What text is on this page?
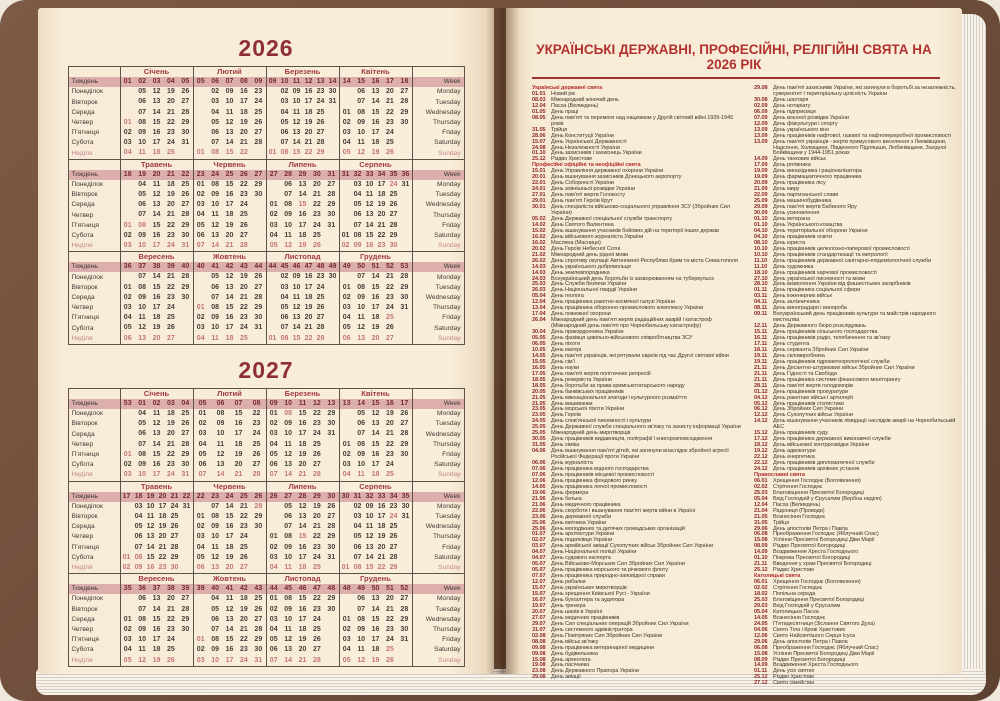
2026
	Січень	Лютий	Березень	Квітень	
Тиждень	01 02 03 04 05	05 06 07 08 09	09 10 11 12 13 14	14 15 16 17 18	Week
Понеділок	05 12 19 26	02 09 16 23	02 09 16 23 30	06 13 20 27	Monday
Вівторок	06 13 20 27	03 10 17 24	03 10 17 24 31	07 14 21 28	Tuesday
Середа	07 14 21 28	04 11 18 25	04 11 18 25	01 08 15 22 29	Wednesday
Четвер	01 08 15 22 29	05 12 19 26	05 12 19 26	02 09 16 23 30	Thursday
П’ятниця	02 09 16 23 30	06 13 20 27	06 13 20 27	03 10 17 24	Friday
Субота	03 10 17 24 31	07 14 21 28	07 14 21 28	04 11 18 25	Saturday
Неділя	04 11 18 25	01 08 15 22	01 08 15 22 29	05 12 19 26	Sunday
	Травень	Червень	Липень	Серпень	
Тиждень	18 19 20 21 22	23 24 25 26 27	27 28 29 30 31	31 32 33 34 35 36	Week
Понеділок	04 11 18 25	01 08 15 22 29	06 13 20 27	03 10 17 24 31	Monday
Вівторок	05 12 19 26	02 09 16 23 30	07 14 21 28	04 11 18 25	Tuesday
Середа	06 13 20 27	03 10 17 24	01 08 15 22 29	05 12 19 26	Wednesday
Четвер	07 14 21 28	04 11 18 25	02 09 16 23 30	06 13 20 27	Thursday
П’ятниця	01 08 15 22 29	05 12 19 26	03 10 17 24 31	07 14 21 28	Friday
Субота	02 09 16 23 30	06 13 20 27	04 11 18 25	01 08 15 22 29	Saturday
Неділя	03 10 17 24 31	07 14 21 28	05 12 19 26	02 09 16 23 30	Sunday
	Вересень	Жовтень	Листопад	Грудень	
Тиждень	36 37 38 39 40	40 41 42 43 44	44 45 46 47 48 49	49 50 51 52 53	Week
Понеділок	07 14 21 28	05 12 19 26	02 09 16 23 30	07 14 21 28	Monday
Вівторок	01 08 15 22 29	06 13 20 27	03 10 17 24	01 08 15 22 29	Tuesday
Середа	02 09 16 23 30	07 14 21 28	04 11 18 25	02 09 16 23 30	Wednesday
Четвер	03 10 17 24	01 08 15 22 29	05 12 19 26	03 10 17 24 31	Thursday
П’ятниця	04 11 18 25	02 09 16 23 30	06 13 20 27	04 11 18 25	Friday
Субота	05 12 19 26	03 10 17 24 31	07 14 21 28	05 12 19 26	Saturday
Неділя	06 13 20 27	04 11 18 25	01 08 15 22 29	06 13 20 27	Sunday
2027
	Січень	Лютий	Березень	Квітень	
Тиждень	53 01 02 03 04	05 06 07 08	09 10 11 12 13	13 14 15 16 17	Week
Понеділок	04 11 18 25	01 08 15 22	01 08 15 22 29	05 12 19 26	Monday
Вівторок	05 12 19 26	02 09 16 23	02 09 16 23 30	06 13 20 27	Tuesday
Середа	06 13 20 27	03 10 17 24	03 10 17 24 31	07 14 21 28	Wednesday
Четвер	07 14 21 28	04 11 18 25	04 11 18 25	01 08 15 22 29	Thursday
П’ятниця	01 08 15 22 29	05 12 19 26	05 12 19 26	02 09 16 23 30	Friday
Субота	02 09 16 23 30	06 13 20 27	06 13 20 27	03 10 17 24	Saturday
Неділя	03 10 17 24 31	07 14 21 28	07 14 21 28	04 11 18 25	Sunday
	Травень	Червень	Липень	Серпень	
Тиждень	17 18 19 20 21 22	22 23 24 25 26	26 27 28 29 30	30 31 32 33 34 35	Week
Понеділок	03 10 17 24 31	07 14 21 28	05 12 19 26	02 09 16 23 30	Monday
Вівторок	04 11 18 25	01 08 15 22 29	06 13 20 27	03 10 17 24 31	Tuesday
Середа	05 12 19 26	02 09 16 23 30	07 14 21 28	04 11 18 25	Wednesday
Четвер	06 13 20 27	03 10 17 24	01 08 15 22 29	05 12 19 26	Thursday
П’ятниця	07 14 21 28	04 11 18 25	02 09 16 23 30	06 13 20 27	Friday
Субота	01 08 15 22 29	05 12 19 26	03 10 17 24 31	07 14 21 28	Saturday
Неділя	02 09 16 23 30	06 13 20 27	04 11 18 25	01 08 15 22 29	Sunday
	Вересень	Жовтень	Листопад	Грудень	
Тиждень	35 36 37 38 39	39 40 41 42 43	44 45 46 47 48	48 49 50 51 52	Week
Понеділок	06 13 20 27	04 11 18 25	01 08 15 22 29	06 13 20 27	Monday
Вівторок	07 14 21 28	05 12 19 26	02 09 16 23 30	07 14 21 28	Tuesday
Середа	01 08 15 22 29	06 13 20 27	03 10 17 24	01 08 15 22 29	Wednesday
Четвер	02 09 16 23 30	07 14 21 28	04 11 18 25	02 09 16 23 30	Thursday
П’ятниця	03 10 17 24	01 08 15 22 29	05 12 19 26	03 10 17 24 31	Friday
Субота	04 11 18 25	02 09 16 23 30	06 13 20 27	04 11 18 25	Saturday
Неділя	05 12 19 26	03 10 17 24 31	07 14 21 28	05 12 19 26	Sunday
УКРАЇНСЬКІ ДЕРЖАВНІ, ПРОФЕСІЙНІ, РЕЛІГІЙНІ СВЯТА НА 2026 РІК
Українські державні свята
01.01 Новий рік
08.03 Міжнародний жіночий день
12.04 Пасха (Великдень)
01.05 День праці
08.05 День пам’яті та перемоги над нацизмом у Другій світовій війні 1939-1945 років
31.05 Трійця
28.06 День Конституції України
15.07 День Української Державності
24.08 День Незалежності України
01.10 День захисників і захисниць України
25.12 Різдво Христове
Професійні офіційні та неофіційні свята
15.01 День Управління державної охорони України
20.01 День вшанування захисників Донецького аеропорту
22.01 День Соборності України
24.01 День зовнішньої розвідки України
27.01 День пам’яті жертв Голокосту
29.01 День пам’яті Героїв Крут
30.01 День спеціаліста військово-соціального управління ЗСУ (Збройних Сил України)
05.02 День Державної спеціальної служби транспорту
14.02 День Святого Валентина
15.02 День вшанування учасників бойових дій на території інших держав
16.02 День військового журналіста України
16.02 Масляна (Масниця)
20.02 День Героїв Небесної Сотні
21.02 Міжнародний день рідної мови
26.02 День спротиву окупації Автономної Республіки Крим та міста Севастополя
14.03 День українського добровольця
14.03 День землевпорядника
24.03 Всеукраїнський день боротьби із захворюванням на туберкульоз
25.03 День Служби безпеки України
26.03 День Національної гвардії України
05.04 День геолога
12.04 День працівника ракетно-космічної галузі України
13.04 День працівника оборонно-промислового комплексу України
17.04 День пожежної охорони
26.04 Міжнародний день пам’яті жертв радіаційних аварій і катастроф (Міжнародний день пам’яті про Чорнобильську катастрофу)
30.04 День прикордонника України
05.05 День фахівця цивільно-військового співробітництва ЗСУ
06.05 День піхоти
10.05 День матері
14.05 День пам’яті українців, які рятували євреїв під час Другої світової війни
15.05 День сім’ї
16.05 День науки
17.05 День пам’яті жертв політичних репресій
18.05 День резервіста України
18.05 День боротьби за права кримськотатарського народу
20.05 День банківських працівників
21.05 День міжнаціональної злагоди і культурного розмаїття
21.05 День вишиванки
23.05 День морської піхоти України
23.05 День Героїв
24.05 День слов’янської писемності і культури
25.05 День Державної служби спеціального зв’язку та захисту інформації України
25.05 Міжнародний день миротворців
30.05 День працівників видавництв, поліграфії і книгорозповсюдження
31.05 День хіміка
04.06 День вшанування пам’яті дітей, які загинули внаслідок збройної агресії Російської Федерації проти України
06.06 День журналіста
07.06 День працівника водного господарства
07.06 День працівників місцевої промисловості
12.06 День працівника фондового ринку
14.06 День працівника легкої промисловості
19.06 День фермера
21.06 День батька
21.06 День медичного працівника
22.06 День скорботи і вшанування пам’яті жертв війни в Україні
23.06 День державної служби
25.06 День митника України
25.06 День молодіжних та дитячих громадських організацій
01.07 День архітектури України
02.07 День податківця України
03.07 День армійської авіації Сухопутних військ Збройних Сил України
04.07 День Національної поліції України
04.07 День судового експерта
05.07 День Військово-Морських Сил Збройних Сил України
05.07 День працівника морського та річкового флоту
07.07 День працівника природно-заповідної справи
12.07 День рибалки
15.07 День українських миротворців
15.07 День хрещення Київської Русі - України
16.07 День бухгалтера та аудитора
19.07 День тренера
20.07 День шахів в Україні
27.07 День медичних працівників
29.07 День Сил спеціальних операцій Збройних Сил України
31.07 День системного адміністратора
02.08 День Повітряних Сил Збройних Сил України
08.08 День військ зв’язку
09.08 День працівника ветеринарної медицини
09.08 День будівельника
15.08 День археолога
19.08 День пасічника
23.08 День Державного Прапора України
29.08 День авіації
29.08 День пам’яті захисників України, які загинули в боротьбі за незалежність, суверенітет і територіальну цілісність України
30.08 День шахтаря
02.09 День нотаріату
06.09 День підприємця
07.09 День воєнної розвідки України
12.09 День фізкультури і спорту
13.09 День українського кіно
13.09 День працівників нафтової, газової та нафтопереробної промисловості
13.09 День пам’яті українців - жертв примусового виселення з Лемківщини, Надсяння, Холмщини, Південного Підляшшя, Любачівщини, Західної Бойківщини у 1944-1951 роках
14.09 День танкових військ
17.09 День рятівника
19.09 День винахідника і раціоналізатора
19.09 День фармацевтичного працівника
20.09 День працівника лісу
21.09 День миру
22.09 День партизанської слави
25.09 День машинобудівника
29.09 День пам’яті жертв Бабиного Яру
30.09 День усиновлення
01.10 День ветерана
01.10 День Українського козацтва
04.10 День територіальної оборони України
04.10 День працівників освіти
08.10 День юриста
10.10 День працівників целюлозно-паперової промисловості
10.10 День працівників стандартизації та метрології
11.10 День працівників державної санітарно-епідеміологічної служби
11.10 День художника
18.10 День працівників харчової промисловості
27.10 День української писемності та мови
28.10 День визволення України від фашистських загарбників
01.11 День працівника соціальної сфери
03.11 День інженерних військ
04.11 День залізничника
08.11 День виноградаря і винороба
09.11 Всеукраїнський день працівників культури та майстрів народного мистецтва
12.11 День Державного бюро розслідувань
15.11 День працівників сільського господарства
16.11 День працівників радіо, телебачення та зв’язку
17.11 День студента
18.11 День сержанта Збройних Сил України
19.11 День скловиробника
19.11 День працівників гідрометеорологічної служби
21.11 День Десантно-штурмових військ Збройних Сил України
21.11 День Гідності та Свободи
21.11 День працівника системи фінансового моніторингу
28.11 День пам’яті жертв голодоморів
01.12 День працівників прокуратури
04.12 День ракетних військ і артилерії
05.12 День працівників статистики
06.12 День Збройних Сил України
12.12 День Сухопутних військ України
14.12 День вшанування учасників ліквідації наслідків аварії на Чорнобильській АЕС
15.12 День працівників суду
17.12 День працівника державної виконавчої служби
18.12 День військової контррозвідки України
19.12 День адвокатури
22.12 День енергетика
22.12 День працівників дипломатичної служби
24.12 День працівників архівних установ
Православні свята
06.01 Хрещення Господнє (Богоявлення)
02.02 Стрітення Господнє
25.03 Благовіщення Пресвятої Богородиці
05.04 Вхід Господній у Єрусалим (Вербна неділя)
12.04 Пасха (Великдень)
21.04 Радониця (Проводи)
21.05 Вознесіння Господнє
31.05 Трійця
29.06 День апостолів Петра і Павла
06.08 Преображення Господнє (Яблучний Спас)
15.08 Успіння Пресвятої Богородиці Діви Марії
08.09 Різдво Пресвятої Богородиці
14.09 Воздвиження Хреста Господнього
01.10 Покрова Пресвятої Богородиці
21.11 Введення у храм Пресвятої Богородиці
25.12 Різдво Христове
Католицькі свята
06.01 Хрещення Господнє (Богоявлення)
02.02 Стрітення Господнє
18.02 Попільна середа
25.03 Благовіщення Пресвятої Богородиці
29.03 Вхід Господній у Єрусалим
05.04 Католицька Пасха
14.05 Вознесіння Господнє
24.05 П’ятидесятниця (Зіслання Святого Духа)
04.06 Свято Тіла і Крові Христових
12.06 Свято Найсвятішого Серця Ісуса
29.06 День апостолів Петра і Павла
06.08 Преображення Господнє (Яблучний Спас)
15.08 Успіння Пресвятої Богородиці Діви Марії
08.09 Різдво Пресвятої Богородиці
14.09 Воздвиження Хреста Господнього
01.11 День усіх святих
25.12 Різдво Христове
27.12 Свято сімейства
